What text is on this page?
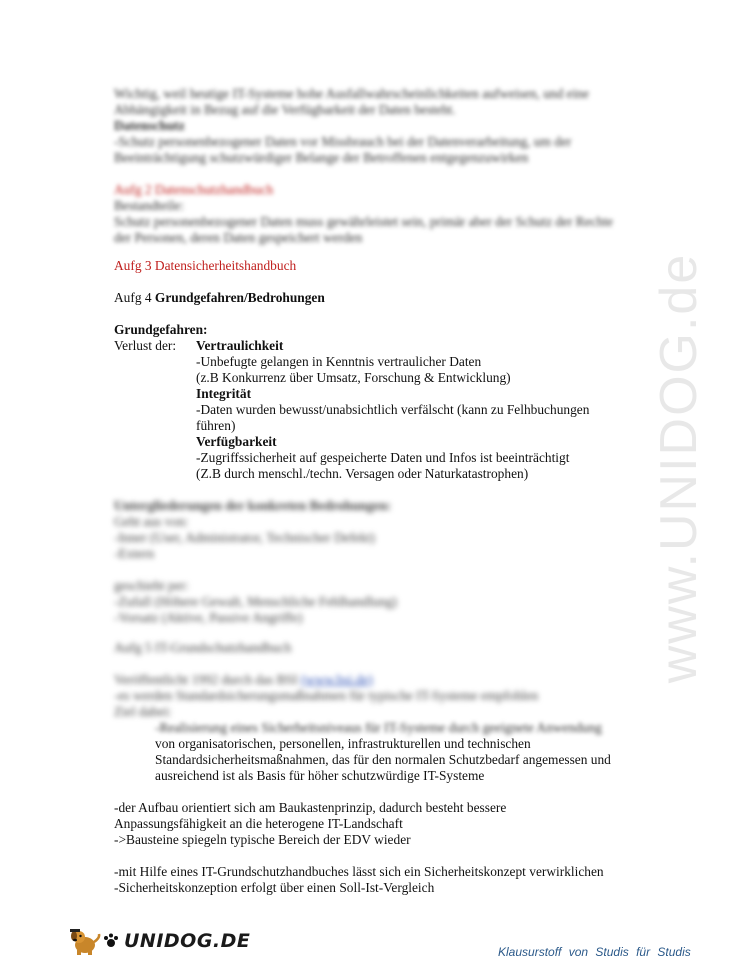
Wichtig, weil heutige IT-Systeme hohe Ausfallwahrscheinlichkeiten aufweisen, und eine
Abhängigkeit in Bezug auf die Verfügbarkeit der Daten besteht.
Datenschutz
-Schutz personenbezogener Daten vor Missbrauch bei der Datenverarbeitung, um der
Beeinträchtigung schutzwürdiger Belange der Betroffenen entgegenzuwirken
Aufg 2 Datenschutzhandbuch
Bestandteile:
Schutz personenbezogener Daten muss gewährleistet sein, primär aber der Schutz der Rechte
der Personen, deren Daten gespeichert werden
Aufg 3 Datensicherheitshandbuch
Aufg 4 Grundgefahren/Bedrohungen
Grundgefahren:
Verlust der: Vertraulichkeit
-Unbefugte gelangen in Kenntnis vertraulicher Daten
(z.B Konkurrenz über Umsatz, Forschung & Entwicklung)
Integrität
-Daten wurden bewusst/unabsichtlich verfälscht (kann zu Felhbuchungen
führen)
Verfügbarkeit
-Zugriffssicherheit auf gespeicherte Daten und Infos ist beeinträchtigt
(Z.B durch menschl./techn. Versagen oder Naturkatastrophen)
Untergliederungen der konkreten Bedrohungen:
Geht aus von:
-Inner (User, Administrator, Technischer Defekt)
-Extern
geschieht per:
-Zufall (Höhere Gewalt, Menschliche Fehlhandlung)
-Vorsatz (Aktive, Passive Angriffe)
Aufg 5 IT-Grundschutzhandbuch
Veröffentlicht 1992 durch das BSI (www.bsi.de)
-es werden Standardsicherungsmaßnahmen für typische IT-Systeme empfohlen
Ziel dabei:
-Realisierung eines Sicherheitsniveaus für IT-Systeme durch geeignete Anwendung
von organisatorischen, personellen, infrastrukturellen und technischen
Standardsicherheitsmaßnahmen, das für den normalen Schutzbedarf angemessen und
ausreichend ist als Basis für höher schutzwürdige IT-Systeme
-der Aufbau orientiert sich am Baukastenprinzip, dadurch besteht bessere
Anpassungsfähigkeit an die heterogene IT-Landschaft
->Bausteine spiegeln typische Bereich der EDV wieder
-mit Hilfe eines IT-Grundschutzhandbuches lässt sich ein Sicherheitskonzept verwirklichen
-Sicherheitskonzeption erfolgt über einen Soll-Ist-Vergleich
www.UNIDOG.de
UNIDOG.DE	Klausurstoff von Studis für Studis
